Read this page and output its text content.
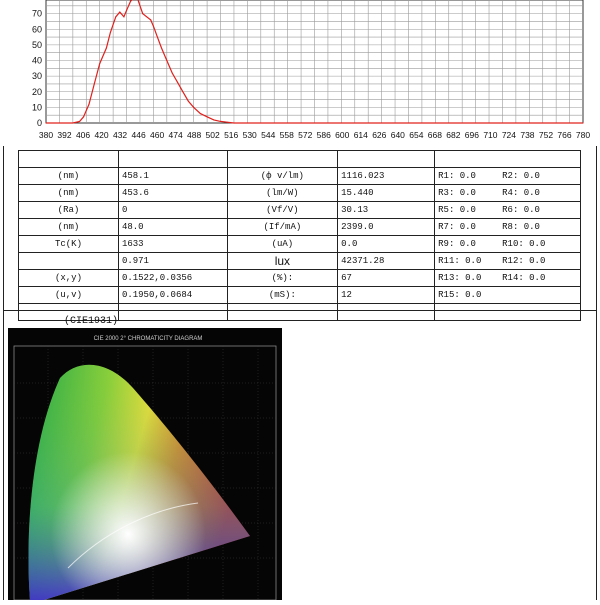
0
10
20
30
40
50
60
70
380 392 406 420 432 446 460 474 488 502 516 530 544 558 572 586 600 614 626 640 654 668 682 696 710 724 738 752 766 780

(nm)	458.1	(ф v/lm)	1116.023	R1: 0.0 R2: 0.0
(nm)	453.6	(lm/W)	15.440	R3: 0.0 R4: 0.0
(Ra)	0	(Vf/V)	30.13	R5: 0.0 R6: 0.0
(nm)	48.0	(If/mA)	2399.0	R7: 0.0 R8: 0.0
Tc(K)	1633	(uA)	0.0	R9: 0.0 R10: 0.0
	0.971	lux	42371.28	R11: 0.0 R12: 0.0
(x,y)	0.1522,0.0356	(%):	67	R13: 0.0 R14: 0.0
(u,v)	0.1950,0.0684	(mS):	12	R15: 0.0

(CIE1931)
CIE 2000 2° CHROMATICITY DIAGRAM
